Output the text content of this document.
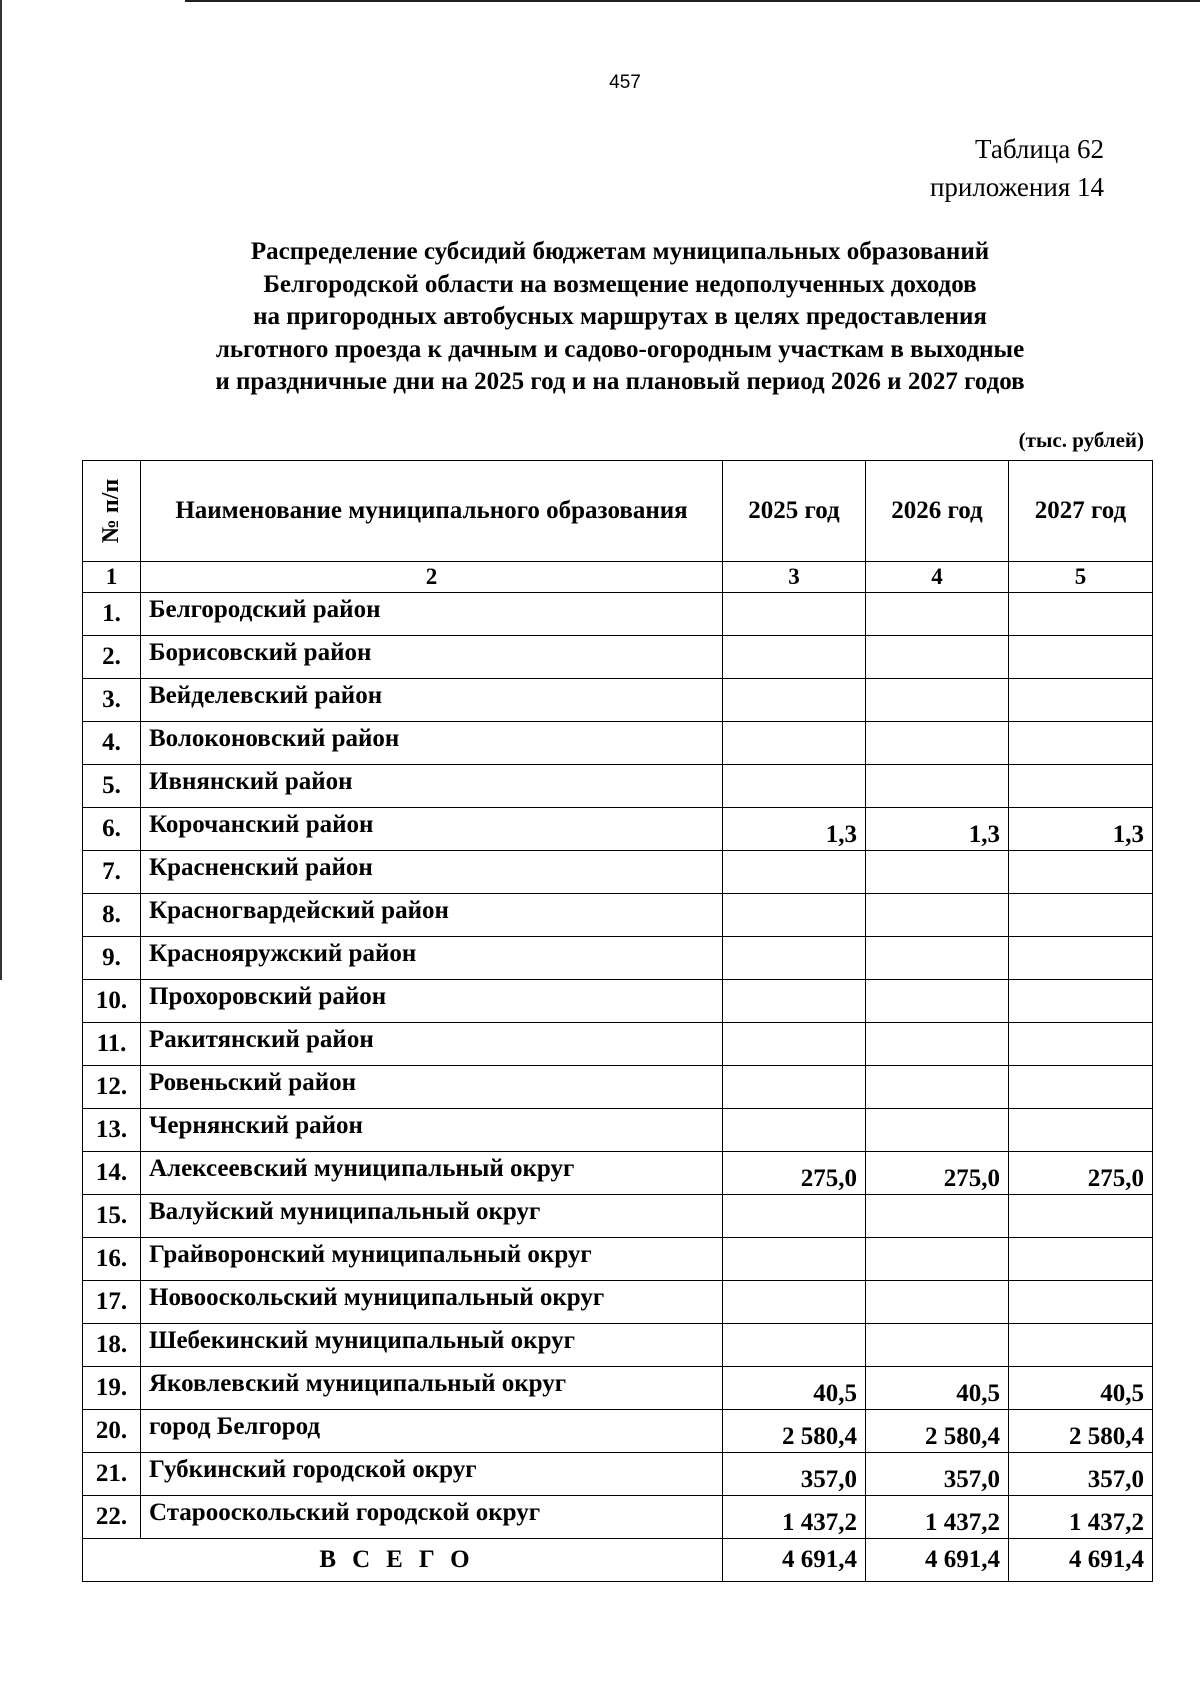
457
Таблица 62
приложения 14
Распределение субсидий бюджетам муниципальных образований
Белгородской области на возмещение недополученных доходов
на пригородных автобусных маршрутах в целях предоставления
льготного проезда к дачным и садово-огородным участкам в выходные
и праздничные дни на 2025 год и на плановый период 2026 и 2027 годов
(тыс. рублей)
№ п/п	Наименование муниципального образования	2025 год	2026 год	2027 год
1	2	3	4	5
1.	Белгородский район			
2.	Борисовский район			
3.	Вейделевский район			
4.	Волоконовский район			
5.	Ивнянский район			
6.	Корочанский район	1,3	1,3	1,3
7.	Красненский район			
8.	Красногвардейский район			
9.	Краснояружский район			
10.	Прохоровский район			
11.	Ракитянский район			
12.	Ровеньский район			
13.	Чернянский район			
14.	Алексеевский муниципальный округ	275,0	275,0	275,0
15.	Валуйский муниципальный округ			
16.	Грайворонский муниципальный округ			
17.	Новооскольский муниципальный округ			
18.	Шебекинский муниципальный округ			
19.	Яковлевский муниципальный округ	40,5	40,5	40,5
20.	город Белгород	2 580,4	2 580,4	2 580,4
21.	Губкинский городской округ	357,0	357,0	357,0
22.	Старооскольский городской округ	1 437,2	1 437,2	1 437,2
ВСЕГО		4 691,4	4 691,4	4 691,4
